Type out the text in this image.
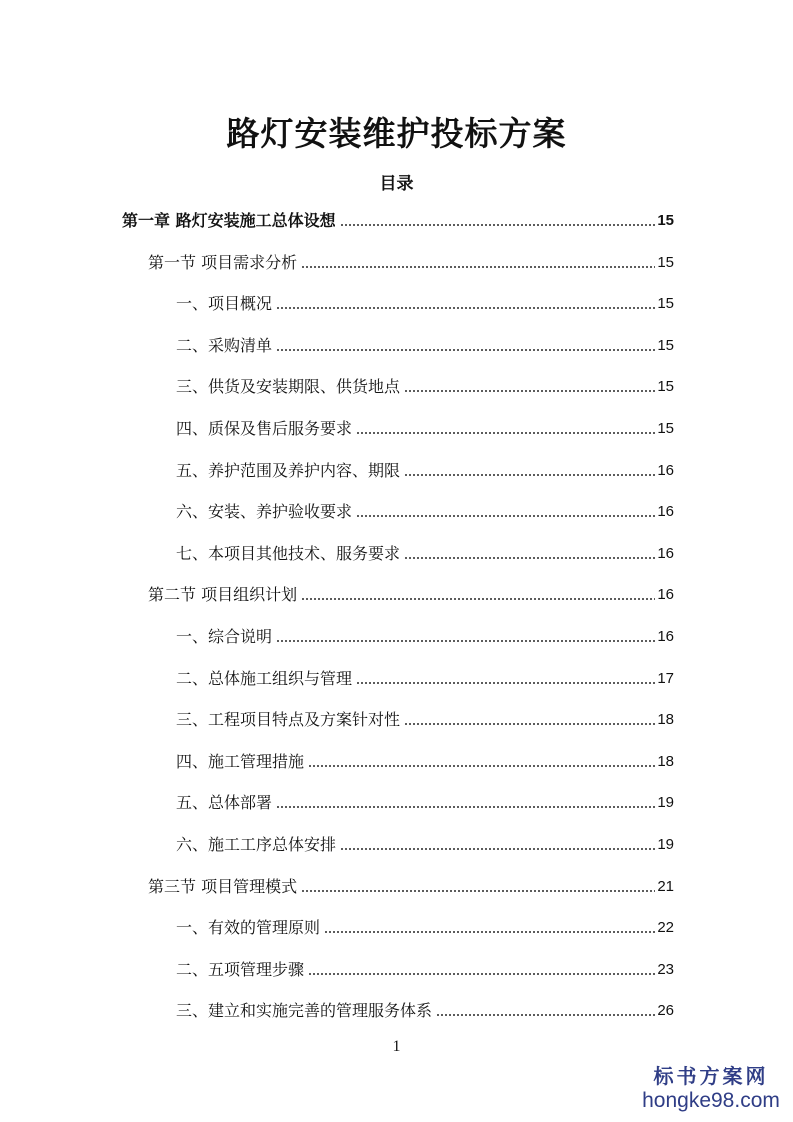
路灯安装维护投标方案
目录
第一章 路灯安装施工总体设想	15
第一节 项目需求分析	15
一、项目概况	15
二、采购清单	15
三、供货及安装期限、供货地点	15
四、质保及售后服务要求	15
五、养护范围及养护内容、期限	16
六、安装、养护验收要求	16
七、本项目其他技术、服务要求	16
第二节 项目组织计划	16
一、综合说明	16
二、总体施工组织与管理	17
三、工程项目特点及方案针对性	18
四、施工管理措施	18
五、总体部署	19
六、施工工序总体安排	19
第三节 项目管理模式	21
一、有效的管理原则	22
二、五项管理步骤	23
三、建立和实施完善的管理服务体系	26
1
标书方案网
hongke98.com
